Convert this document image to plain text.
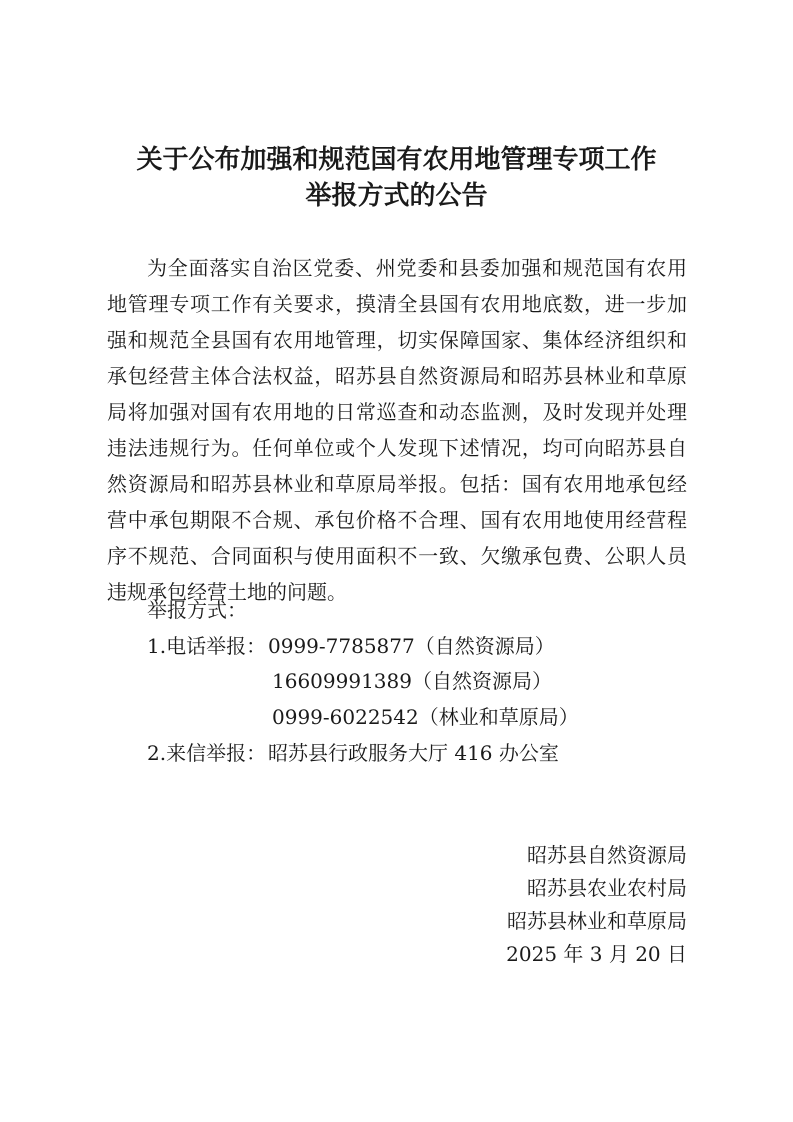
关于公布加强和规范国有农用地管理专项工作
举报方式的公告
为全面落实自治区党委、州党委和县委加强和规范国有农用
地管理专项工作有关要求，摸清全县国有农用地底数，进一步加
强和规范全县国有农用地管理，切实保障国家、集体经济组织和
承包经营主体合法权益，昭苏县自然资源局和昭苏县林业和草原
局将加强对国有农用地的日常巡查和动态监测，及时发现并处理
违法违规行为。任何单位或个人发现下述情况，均可向昭苏县自
然资源局和昭苏县林业和草原局举报。包括：国有农用地承包经
营中承包期限不合规、承包价格不合理、国有农用地使用经营程
序不规范、合同面积与使用面积不一致、欠缴承包费、公职人员
违规承包经营土地的问题。
举报方式：
1.电话举报： 0999-7785877（自然资源局）
16609991389（自然资源局）
0999-6022542（林业和草原局）
2.来信举报： 昭苏县行政服务大厅 416 办公室
昭苏县自然资源局
昭苏县农业农村局
昭苏县林业和草原局
2025 年 3 月 20 日
